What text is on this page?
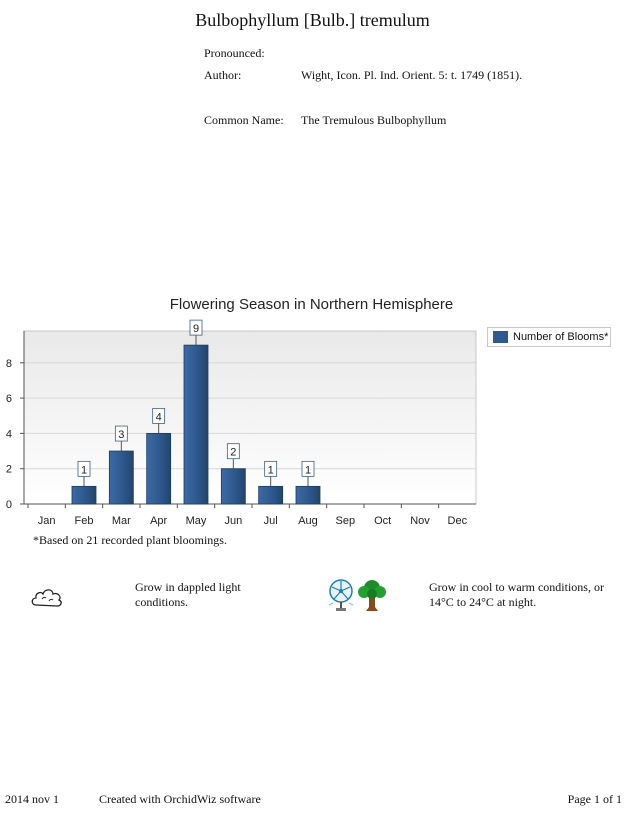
Bulbophyllum [Bulb.] tremulum
Pronounced:
Author:	Wight, Icon. Pl. Ind. Orient. 5: t. 1749 (1851).
Common Name: The Tremulous Bulbophyllum
Flowering Season in Northern Hemisphere
0
2
4
6
8
Jan Feb
1
Mar
3
Apr
4
May
9
Jun
2
Jul
1
Aug
1
Sep Oct Nov Dec
Number of Blooms*
*Based on 21 recorded plant bloomings.
Grow in dappled light conditions.
Grow in cool to warm conditions, or 14°C to 24°C at night.
2014 nov 1	Created with OrchidWiz software	Page 1 of 1
